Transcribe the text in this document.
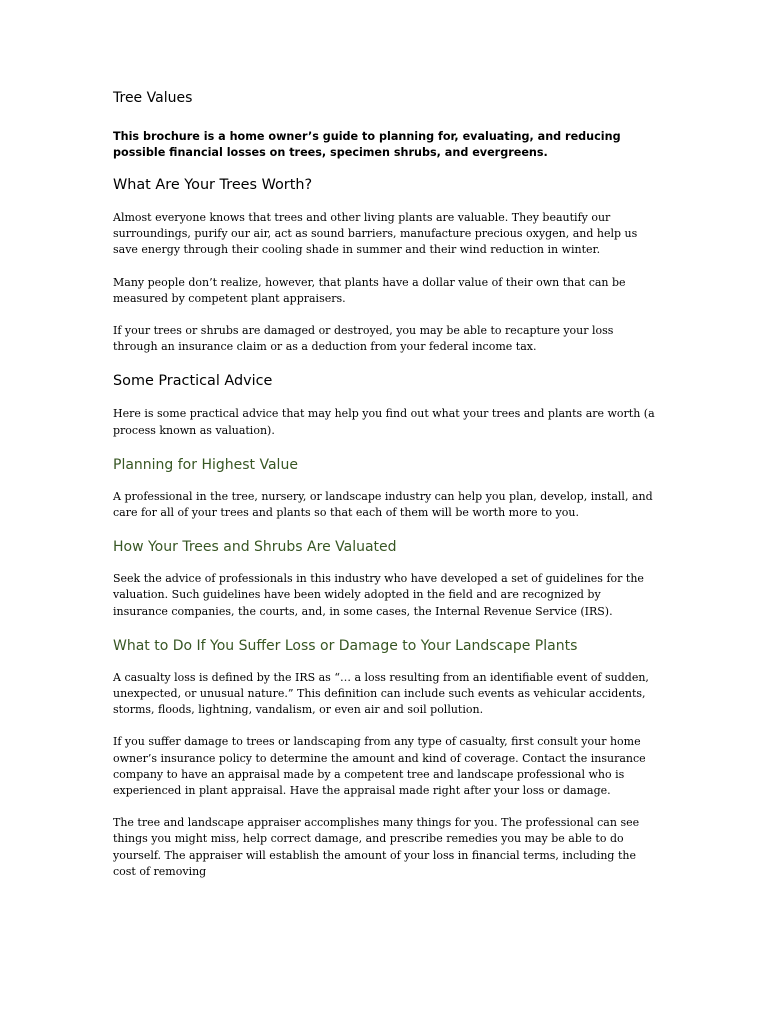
Tree Values

This brochure is a home owner’s guide to planning for, evaluating, and reducing possible financial losses on trees, specimen shrubs, and evergreens.

What Are Your Trees Worth?

Almost everyone knows that trees and other living plants are valuable. They beautify our surroundings, purify our air, act as sound barriers, manufacture precious oxygen, and help us save energy through their cooling shade in summer and their wind reduction in winter.

Many people don’t realize, however, that plants have a dollar value of their own that can be measured by competent plant appraisers.

If your trees or shrubs are damaged or destroyed, you may be able to recapture your loss through an insurance claim or as a deduction from your federal income tax.

Some Practical Advice

Here is some practical advice that may help you find out what your trees and plants are worth (a process known as valuation).

Planning for Highest Value

A professional in the tree, nursery, or landscape industry can help you plan, develop, install, and care for all of your trees and plants so that each of them will be worth more to you.

How Your Trees and Shrubs Are Valuated

Seek the advice of professionals in this industry who have developed a set of guidelines for the valuation. Such guidelines have been widely adopted in the field and are recognized by insurance companies, the courts, and, in some cases, the Internal Revenue Service (IRS).

What to Do If You Suffer Loss or Damage to Your Landscape Plants

A casualty loss is defined by the IRS as “… a loss resulting from an identifiable event of sudden, unexpected, or unusual nature.” This definition can include such events as vehicular accidents, storms, floods, lightning, vandalism, or even air and soil pollution.

If you suffer damage to trees or landscaping from any type of casualty, first consult your home owner’s insurance policy to determine the amount and kind of coverage. Contact the insurance company to have an appraisal made by a competent tree and landscape professional who is experienced in plant appraisal. Have the appraisal made right after your loss or damage.

The tree and landscape appraiser accomplishes many things for you. The professional can see things you might miss, help correct damage, and prescribe remedies you may be able to do yourself. The appraiser will establish the amount of your loss in financial terms, including the cost of removing
